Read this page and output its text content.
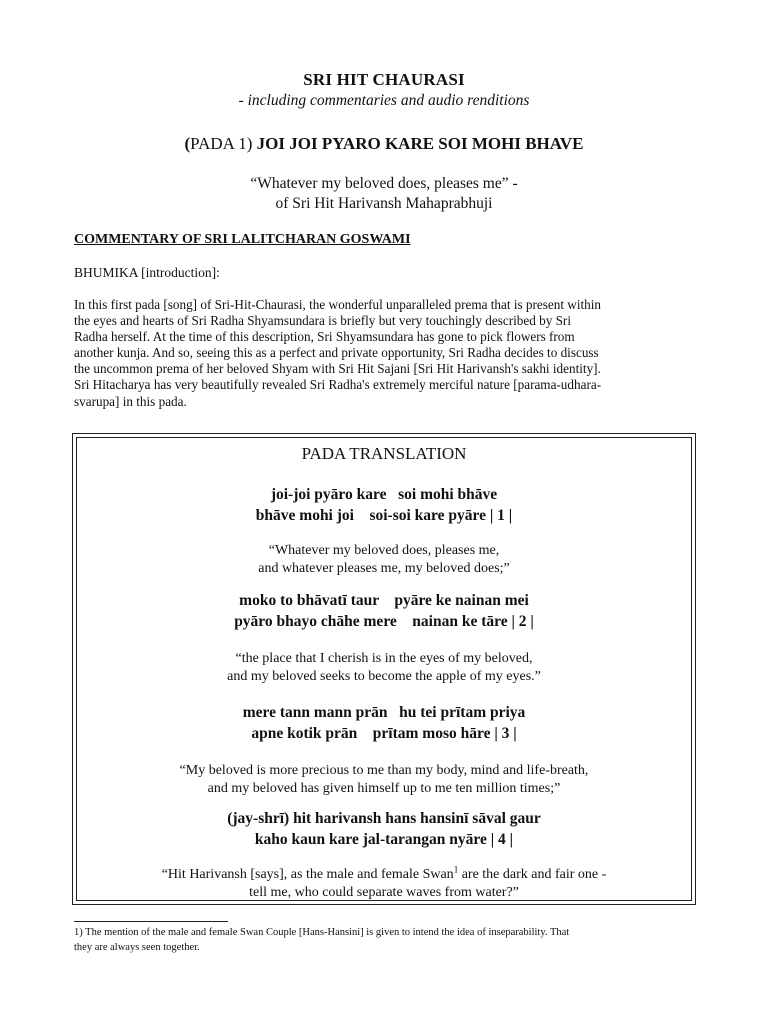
SRI HIT CHAURASI
- including commentaries and audio renditions
(PADA 1) JOI JOI PYARO KARE SOI MOHI BHAVE
“Whatever my beloved does, pleases me” -
of Sri Hit Harivansh Mahaprabhuji
COMMENTARY OF SRI LALITCHARAN GOSWAMI
BHUMIKA [introduction]:
In this first pada [song] of Sri-Hit-Chaurasi, the wonderful unparalleled prema that is present within
the eyes and hearts of Sri Radha Shyamsundara is briefly but very touchingly described by Sri
Radha herself. At the time of this description, Sri Shyamsundara has gone to pick flowers from
another kunja. And so, seeing this as a perfect and private opportunity, Sri Radha decides to discuss
the uncommon prema of her beloved Shyam with Sri Hit Sajani [Sri Hit Harivansh's sakhi identity].
Sri Hitacharya has very beautifully revealed Sri Radha's extremely merciful nature [parama-udhara-
svarupa] in this pada.
PADA TRANSLATION
joi-joi pyāro kare   soi mohi bhāve
bhāve mohi joi    soi-soi kare pyāre | 1 |
“Whatever my beloved does, pleases me,
and whatever pleases me, my beloved does;”
moko to bhāvatī taur    pyāre ke nainan mei
pyāro bhayo chāhe mere    nainan ke tāre | 2 |
“the place that I cherish is in the eyes of my beloved,
and my beloved seeks to become the apple of my eyes.”
mere tann mann prān   hu tei prītam priya
apne kotik prān    prītam moso hāre | 3 |
“My beloved is more precious to me than my body, mind and life-breath,
and my beloved has given himself up to me ten million times;”
(jay-shrī) hit harivansh hans hansinī sāval gaur
kaho kaun kare jal-tarangan nyāre | 4 |
“Hit Harivansh [says], as the male and female Swan$^1$ are the dark and fair one -
tell me, who could separate waves from water?”
1) The mention of the male and female Swan Couple [Hans-Hansini] is given to intend the idea of inseparability. That
they are always seen together.
